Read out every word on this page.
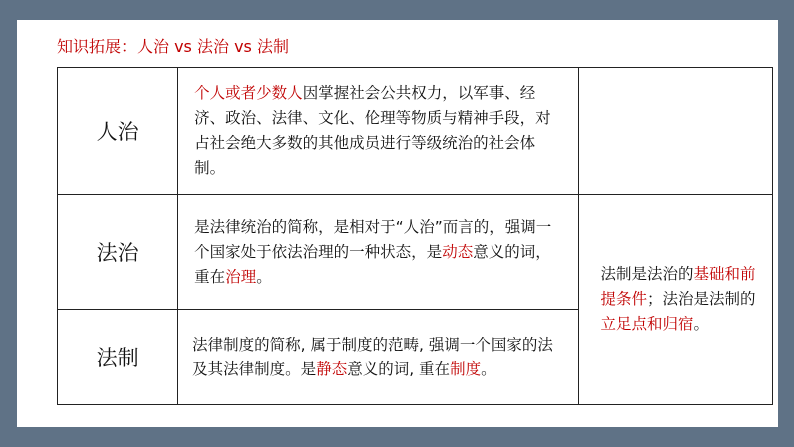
知识拓展：人治 vs 法治 vs 法制
人治	个人或者少数人因掌握社会公共权力，以军事、经济、政治、法律、文化、伦理等物质与精神手段，对占社会绝大多数的其他成员进行等级统治的社会体制。	

法治	是法律统治的简称，是相对于“人治”而言的，强调一个国家处于依法治理的一种状态，是动态意义的词，重在治理。	法制是法治的基础和前提条件；法治是法制的立足点和归宿。

法制	法律制度的简称, 属于制度的范畴, 强调一个国家的法及其法律制度。是静态意义的词, 重在制度。	
